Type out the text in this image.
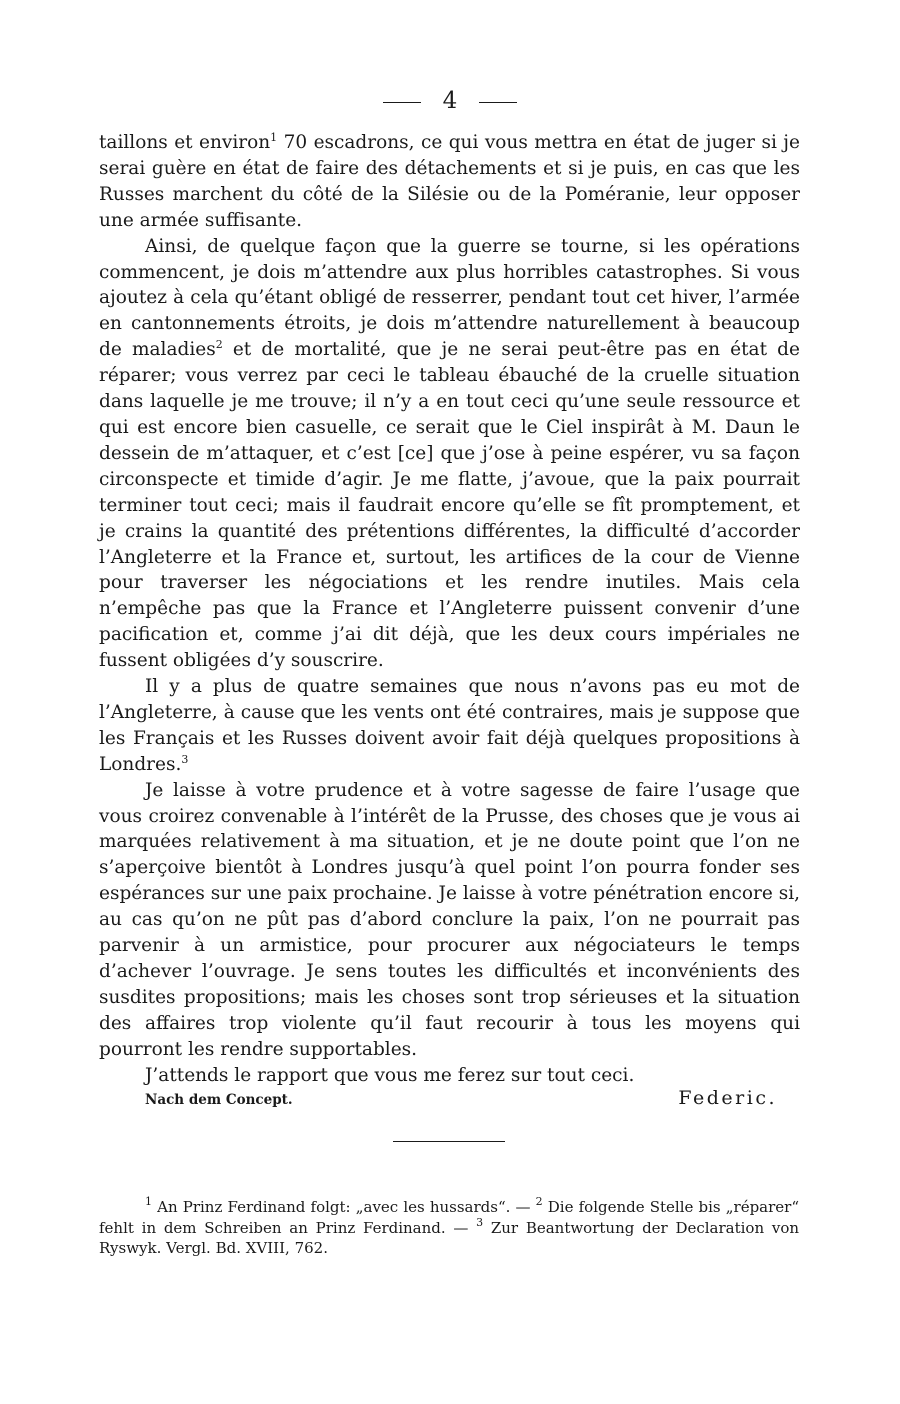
4

taillons et environ$^1$ 70 escadrons, ce qui vous mettra en état de juger si je serai guère en état de faire des détachements et si je puis, en cas que les Russes marchent du côté de la Silésie ou de la Poméranie, leur opposer une armée suffisante.

Ainsi, de quelque façon que la guerre se tourne, si les opérations commencent, je dois m’attendre aux plus horribles catastrophes. Si vous ajoutez à cela qu’étant obligé de resserrer, pendant tout cet hiver, l’armée en cantonnements étroits, je dois m’attendre naturellement à beaucoup de maladies$^2$ et de mortalité, que je ne serai peut-être pas en état de réparer; vous verrez par ceci le tableau ébauché de la cruelle situation dans laquelle je me trouve; il n’y a en tout ceci qu’une seule ressource et qui est encore bien casuelle, ce serait que le Ciel inspirât à M. Daun le dessein de m’attaquer, et c’est [ce] que j’ose à peine espérer, vu sa façon circonspecte et timide d’agir. Je me flatte, j’avoue, que la paix pourrait terminer tout ceci; mais il faudrait encore qu’elle se fît promptement, et je crains la quantité des prétentions différentes, la difficulté d’accorder l’Angleterre et la France et, surtout, les artifices de la cour de Vienne pour traverser les négociations et les rendre inutiles. Mais cela n’empêche pas que la France et l’Angleterre puissent convenir d’une pacification et, comme j’ai dit déjà, que les deux cours impériales ne fussent obligées d’y souscrire.

Il y a plus de quatre semaines que nous n’avons pas eu mot de l’Angleterre, à cause que les vents ont été contraires, mais je suppose que les Français et les Russes doivent avoir fait déjà quelques propositions à Londres.$^3$

Je laisse à votre prudence et à votre sagesse de faire l’usage que vous croirez convenable à l’intérêt de la Prusse, des choses que je vous ai marquées relativement à ma situation, et je ne doute point que l’on ne s’aperçoive bientôt à Londres jusqu’à quel point l’on pourra fonder ses espérances sur une paix prochaine. Je laisse à votre pénétration encore si, au cas qu’on ne pût pas d’abord conclure la paix, l’on ne pourrait pas parvenir à un armistice, pour procurer aux négociateurs le temps d’achever l’ouvrage. Je sens toutes les difficultés et inconvénients des susdites propositions; mais les choses sont trop sérieuses et la situation des affaires trop violente qu’il faut recourir à tous les moyens qui pourront les rendre supportables.

J’attends le rapport que vous me ferez sur tout ceci.

Nach dem Concept.	Federic.

$^1$ An Prinz Ferdinand folgt: „avec les hussards“. — $^2$ Die folgende Stelle bis „réparer“ fehlt in dem Schreiben an Prinz Ferdinand. — $^3$ Zur Beantwortung der Declaration von Ryswyk. Vergl. Bd. XVIII, 762.
